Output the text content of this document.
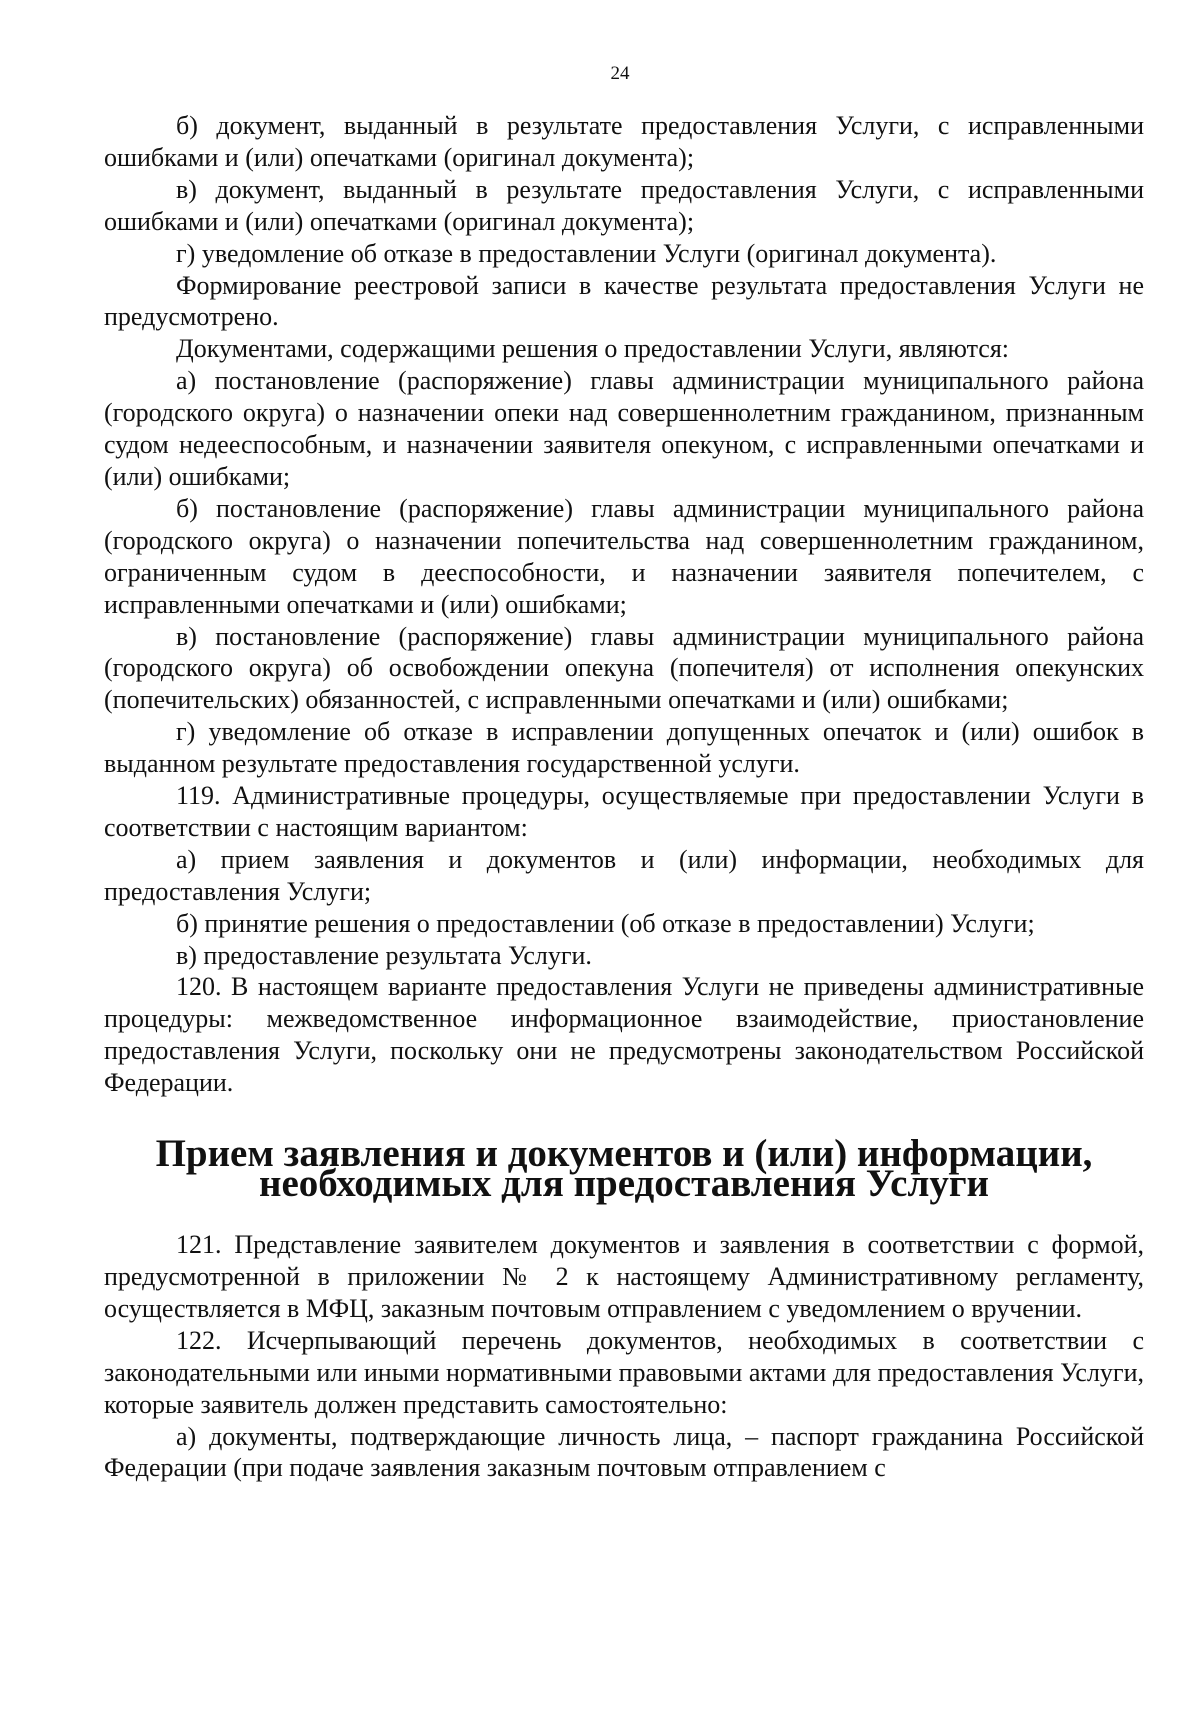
24

б) документ, выданный в результате предоставления Услуги, с исправленными ошибками и (или) опечатками (оригинал документа);

в) документ, выданный в результате предоставления Услуги, с исправленными ошибками и (или) опечатками (оригинал документа);

г) уведомление об отказе в предоставлении Услуги (оригинал документа).

Формирование реестровой записи в качестве результата предоставления Услуги не предусмотрено.

Документами, содержащими решения о предоставлении Услуги, являются:

а) постановление (распоряжение) главы администрации муниципального района (городского округа) о назначении опеки над совершеннолетним гражданином, признанным судом недееспособным, и назначении заявителя опекуном, с исправленными опечатками и (или) ошибками;

б) постановление (распоряжение) главы администрации муниципального района (городского округа) о назначении попечительства над совершеннолетним гражданином, ограниченным судом в дееспособности, и назначении заявителя попечителем, с исправленными опечатками и (или) ошибками;

в) постановление (распоряжение) главы администрации муниципального района (городского округа) об освобождении опекуна (попечителя) от исполнения опекунских (попечительских) обязанностей, с исправленными опечатками и (или) ошибками;

г) уведомление об отказе в исправлении допущенных опечаток и (или) ошибок в выданном результате предоставления государственной услуги.

119. Административные процедуры, осуществляемые при предоставлении Услуги в соответствии с настоящим вариантом:

а) прием заявления и документов и (или) информации, необходимых для предоставления Услуги;

б) принятие решения о предоставлении (об отказе в предоставлении) Услуги;

в) предоставление результата Услуги.

120. В настоящем варианте предоставления Услуги не приведены административные процедуры: межведомственное информационное взаимодействие, приостановление предоставления Услуги, поскольку они не предусмотрены законодательством Российской Федерации.

Прием заявления и документов и (или) информации, необходимых для предоставления Услуги

121. Представление заявителем документов и заявления в соответствии с формой, предусмотренной в приложении № 2 к настоящему Административному регламенту, осуществляется в МФЦ, заказным почтовым отправлением с уведомлением о вручении.

122. Исчерпывающий перечень документов, необходимых в соответствии с законодательными или иными нормативными правовыми актами для предоставления Услуги, которые заявитель должен представить самостоятельно:

а) документы, подтверждающие личность лица, – паспорт гражданина Российской Федерации (при подаче заявления заказным почтовым отправлением с
